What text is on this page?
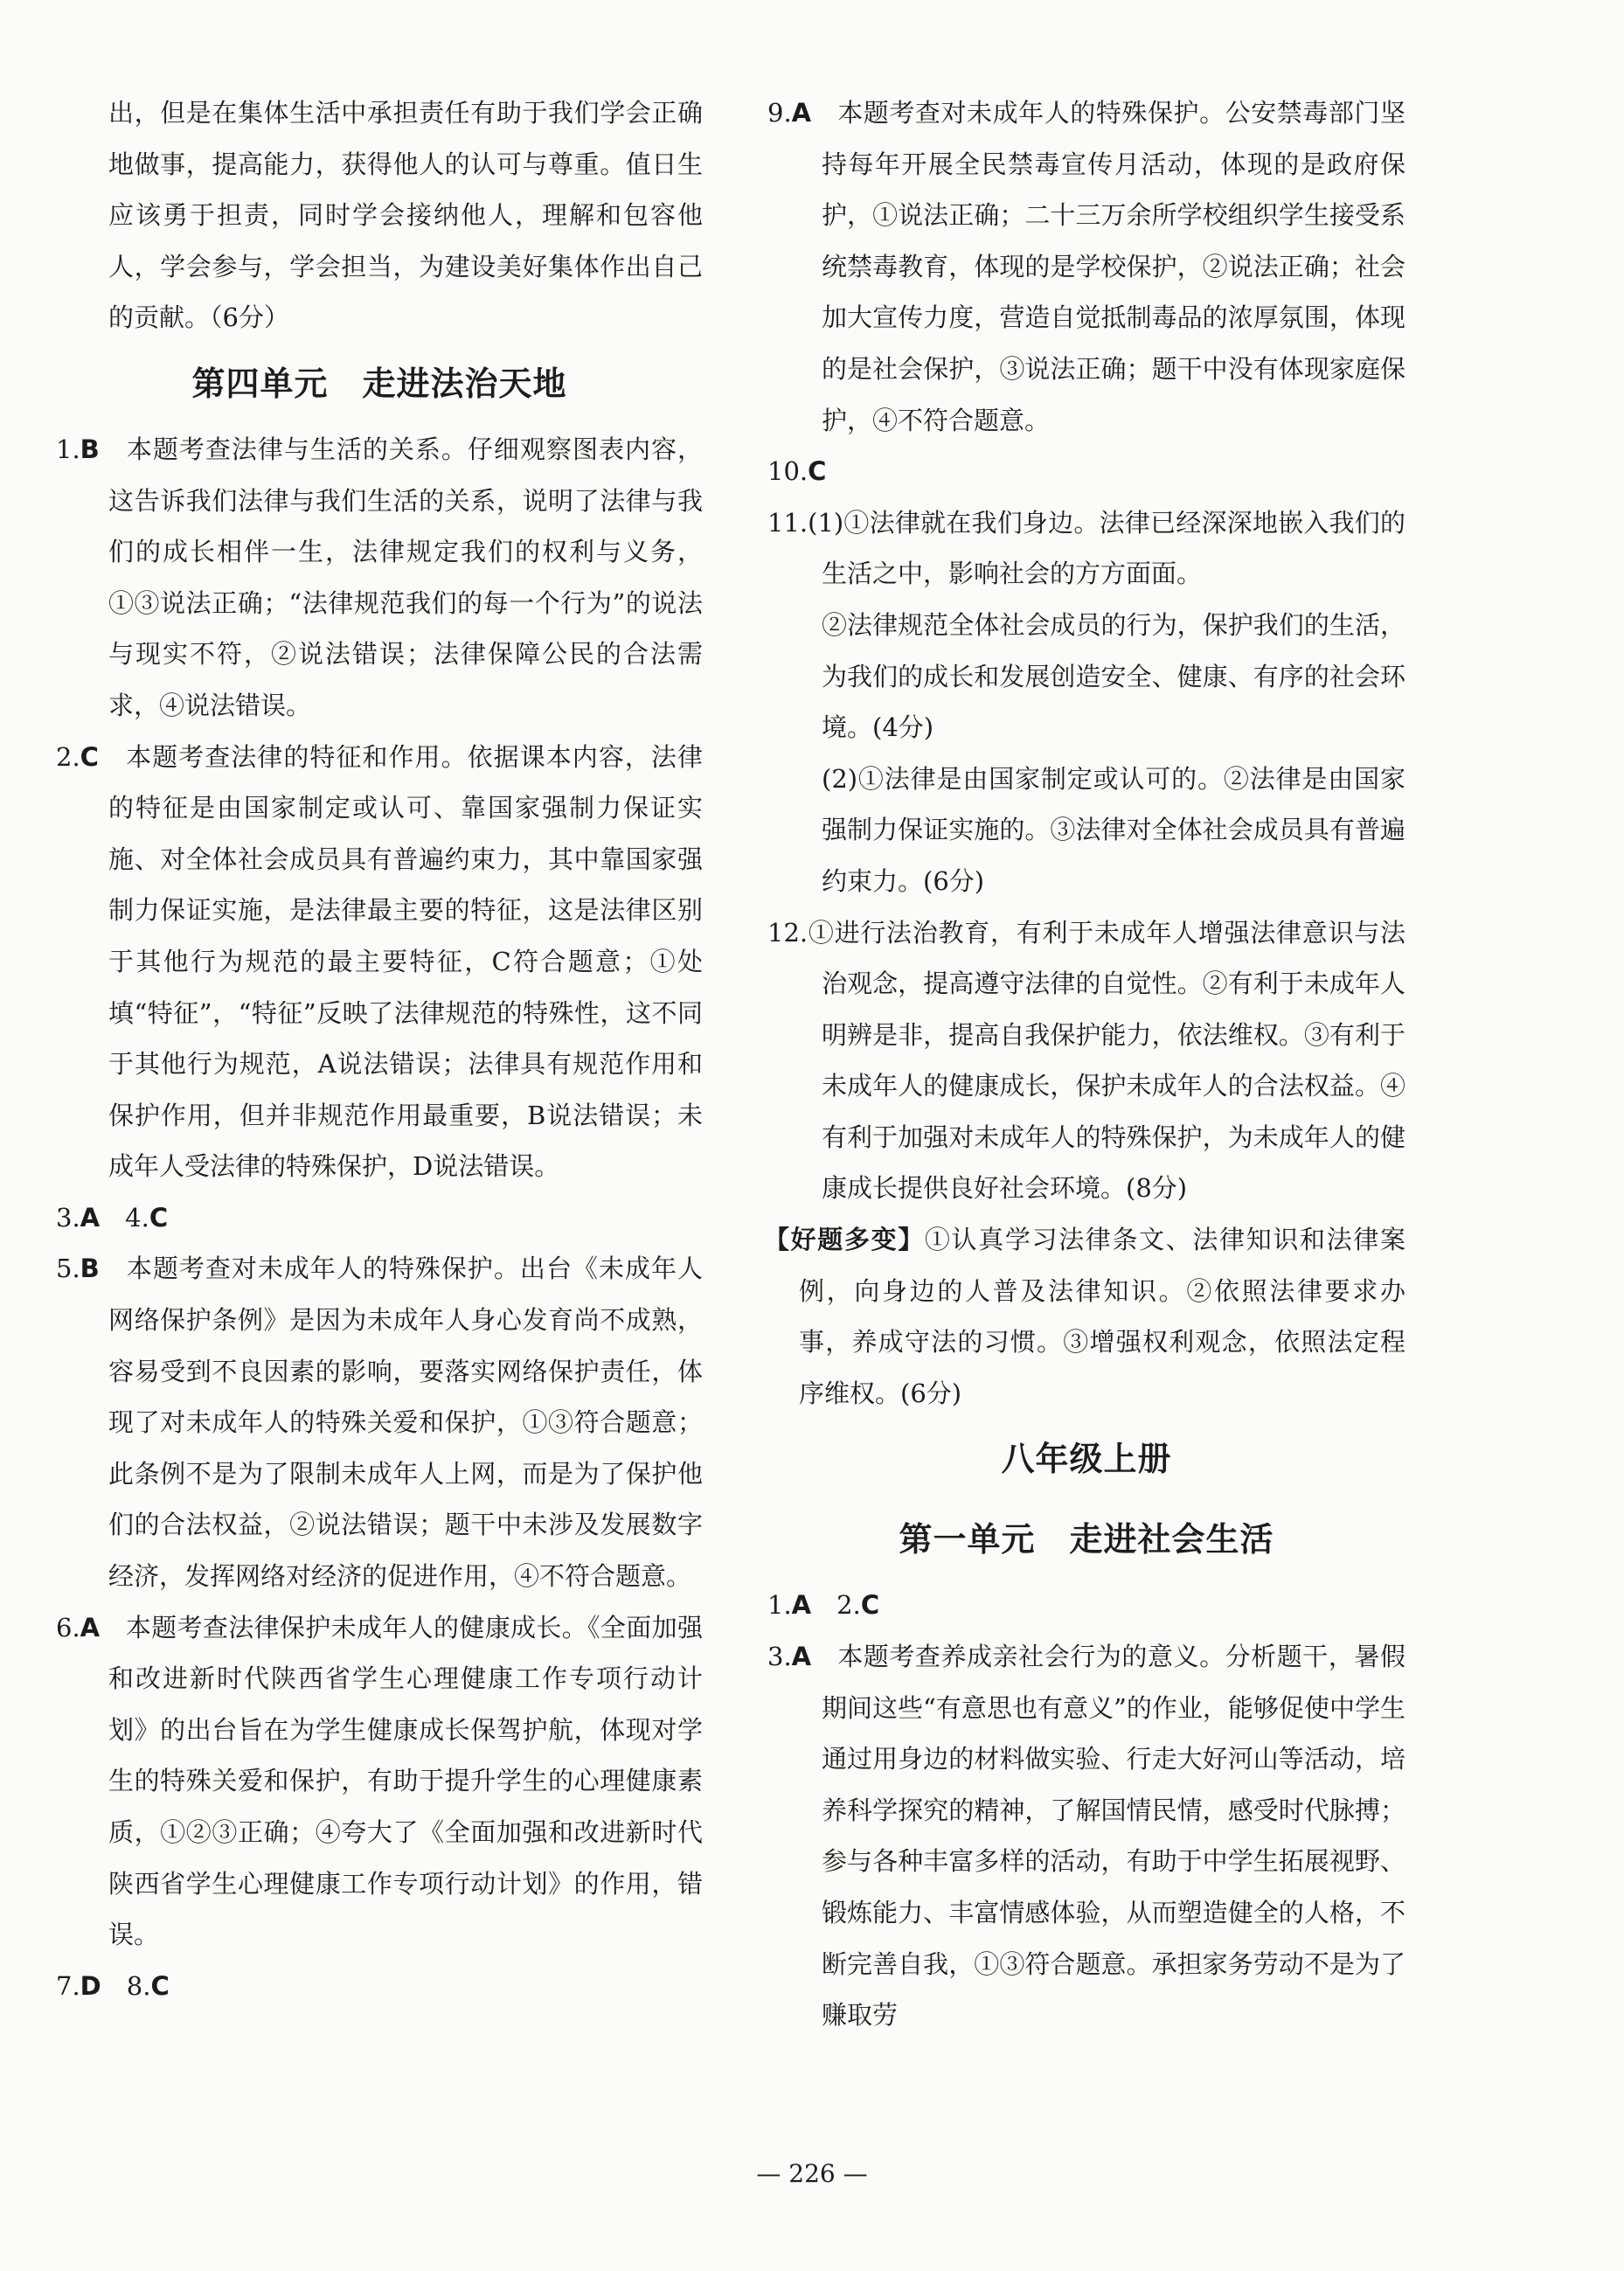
出，但是在集体生活中承担责任有助于我们学会正确地做事，提高能力，获得他人的认可与尊重。值日生应该勇于担责，同时学会接纳他人，理解和包容他人，学会参与，学会担当，为建设美好集体作出自己的贡献。（6分）

第四单元　走进法治天地

1.B　 本题考查法律与生活的关系。仔细观察图表内容，这告诉我们法律与我们生活的关系，说明了法律与我们的成长相伴一生，法律规定我们的权利与义务，①③说法正确；“法律规范我们的每一个行为”的说法与现实不符，②说法错误；法律保障公民的合法需求，④说法错误。

2.C　 本题考查法律的特征和作用。依据课本内容，法律的特征是由国家制定或认可、靠国家强制力保证实施、对全体社会成员具有普遍约束力，其中靠国家强制力保证实施，是法律最主要的特征，这是法律区别于其他行为规范的最主要特征，C符合题意；①处填“特征”，“特征”反映了法律规范的特殊性，这不同于其他行为规范，A说法错误；法律具有规范作用和保护作用，但并非规范作用最重要，B说法错误；未成年人受法律的特殊保护，D说法错误。

3.A　 4.C

5.B　 本题考查对未成年人的特殊保护。出台《未成年人网络保护条例》是因为未成年人身心发育尚不成熟，容易受到不良因素的影响，要落实网络保护责任，体现了对未成年人的特殊关爱和保护，①③符合题意；此条例不是为了限制未成年人上网，而是为了保护他们的合法权益，②说法错误；题干中未涉及发展数字经济，发挥网络对经济的促进作用，④不符合题意。

6.A　 本题考查法律保护未成年人的健康成长。《全面加强和改进新时代陕西省学生心理健康工作专项行动计划》的出台旨在为学生健康成长保驾护航，体现对学生的特殊关爱和保护，有助于提升学生的心理健康素质，①②③正确；④夸大了《全面加强和改进新时代陕西省学生心理健康工作专项行动计划》的作用，错误。

7.D　 8.C

9.A　 本题考查对未成年人的特殊保护。公安禁毒部门坚持每年开展全民禁毒宣传月活动，体现的是政府保护，①说法正确；二十三万余所学校组织学生接受系统禁毒教育，体现的是学校保护，②说法正确；社会加大宣传力度，营造自觉抵制毒品的浓厚氛围，体现的是社会保护，③说法正确；题干中没有体现家庭保护，④不符合题意。

10.C

11.(1)①法律就在我们身边。法律已经深深地嵌入我们的生活之中，影响社会的方方面面。

②法律规范全体社会成员的行为，保护我们的生活，为我们的成长和发展创造安全、健康、有序的社会环境。(4分)

(2)①法律是由国家制定或认可的。②法律是由国家强制力保证实施的。③法律对全体社会成员具有普遍约束力。(6分)

12.①进行法治教育，有利于未成年人增强法律意识与法治观念，提高遵守法律的自觉性。②有利于未成年人明辨是非，提高自我保护能力，依法维权。③有利于未成年人的健康成长，保护未成年人的合法权益。④有利于加强对未成年人的特殊保护，为未成年人的健康成长提供良好社会环境。(8分)

【好题多变】①认真学习法律条文、法律知识和法律案例，向身边的人普及法律知识。②依照法律要求办事，养成守法的习惯。③增强权利观念，依照法定程序维权。(6分)

八年级上册
第一单元　走进社会生活

1.A　 2.C

3.A　 本题考查养成亲社会行为的意义。分析题干，暑假期间这些“有意思也有意义”的作业，能够促使中学生通过用身边的材料做实验、行走大好河山等活动，培养科学探究的精神，了解国情民情，感受时代脉搏；参与各种丰富多样的活动，有助于中学生拓展视野、锻炼能力、丰富情感体验，从而塑造健全的人格，不断完善自我，①③符合题意。承担家务劳动不是为了赚取劳

— 226 —
